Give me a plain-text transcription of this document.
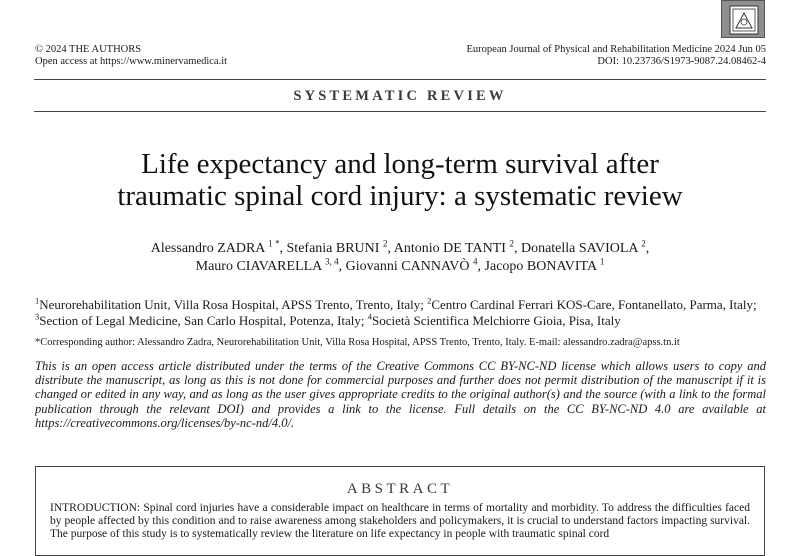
© 2024 THE AUTHORS
Open access at https://www.minervamedica.it
European Journal of Physical and Rehabilitation Medicine 2024 Jun 05
DOI: 10.23736/S1973-9087.24.08462-4
SYSTEMATIC REVIEW
Life expectancy and long-term survival after
traumatic spinal cord injury: a systematic review
Alessandro ZADRA $^{1 *}$, Stefania BRUNI $^2$, Antonio DE TANTI $^2$, Donatella SAVIOLA $^2$,
Mauro CIAVARELLA $^{3, 4}$, Giovanni CANNAVÒ $^4$, Jacopo BONAVITA $^1$
$^1$Neurorehabilitation Unit, Villa Rosa Hospital, APSS Trento, Trento, Italy; $^2$Centro Cardinal Ferrari KOS-Care, Fontanellato, Parma, Italy; $^3$Section of Legal Medicine, San Carlo Hospital, Potenza, Italy; $^4$Società Scientifica Melchiorre Gioia, Pisa, Italy
*Corresponding author: Alessandro Zadra, Neurorehabilitation Unit, Villa Rosa Hospital, APSS Trento, Trento, Italy. E-mail: alessandro.zadra@apss.tn.it
This is an open access article distributed under the terms of the Creative Commons CC BY-NC-ND license which allows users to copy and distribute the manuscript, as long as this is not done for commercial purposes and further does not permit distribution of the manuscript if it is changed or edited in any way, and as long as the user gives appropriate credits to the original author(s) and the source (with a link to the formal publication through the relevant DOI) and provides a link to the license. Full details on the CC BY-NC-ND 4.0 are available at https://creativecommons.org/licenses/by-nc-nd/4.0/.
ABSTRACT
INTRODUCTION: Spinal cord injuries have a considerable impact on healthcare in terms of mortality and morbidity. To address the difficulties faced by people affected by this condition and to raise awareness among stakeholders and policymakers, it is crucial to understand factors impacting survival. The purpose of this study is to systematically review the literature on life expectancy in people with traumatic spinal cord
